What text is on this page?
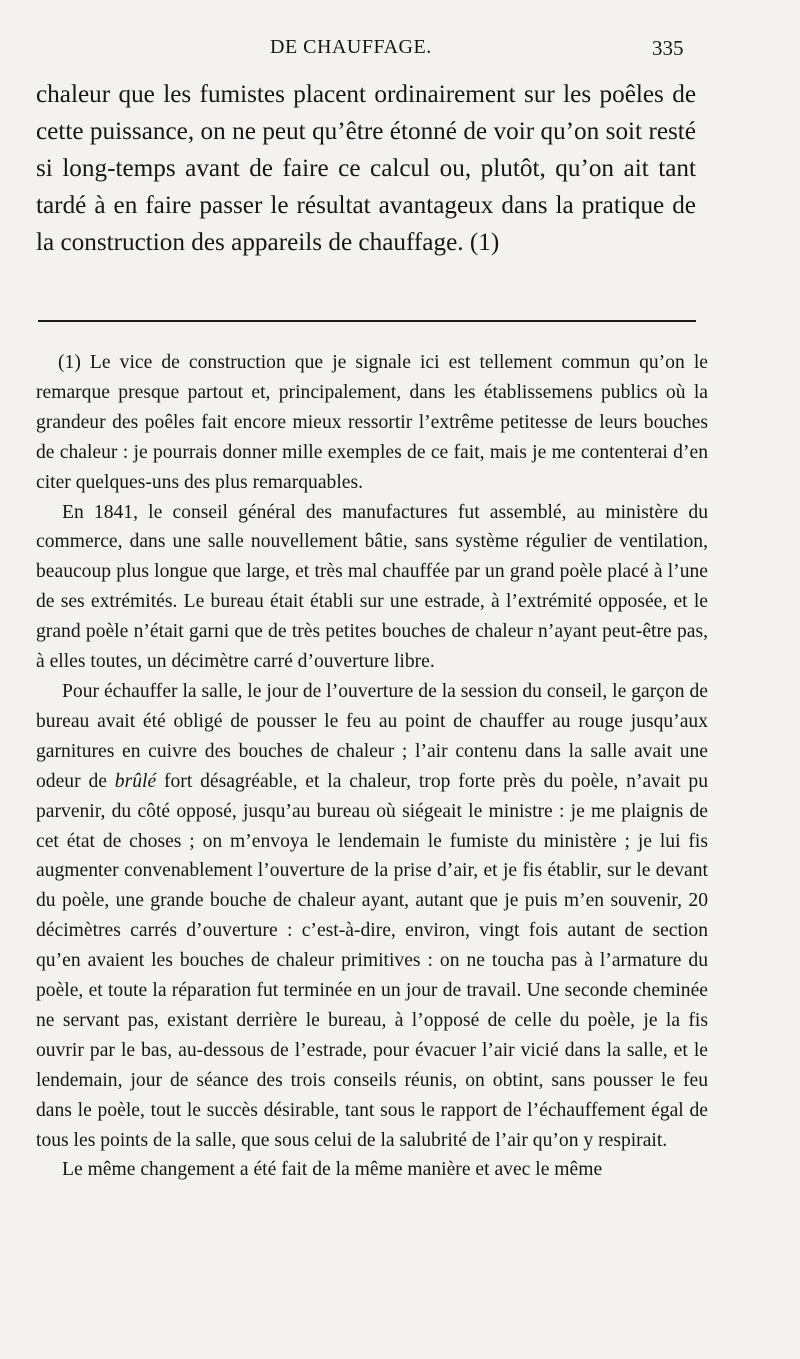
DE CHAUFFAGE.	335

chaleur que les fumistes placent ordinairement sur les poêles de cette puissance, on ne peut qu’être étonné de voir qu’on soit resté si long-temps avant de faire ce calcul ou, plutôt, qu’on ait tant tardé à en faire passer le résultat avantageux dans la pratique de la construction des appareils de chauffage. (1)

(1) Le vice de construction que je signale ici est tellement commun qu’on le remarque presque partout et, principalement, dans les établissemens publics où la grandeur des poêles fait encore mieux ressortir l’extrême petitesse de leurs bouches de chaleur : je pourrais donner mille exemples de ce fait, mais je me contenterai d’en citer quelques-uns des plus remarquables.

En 1841, le conseil général des manufactures fut assemblé, au ministère du commerce, dans une salle nouvellement bâtie, sans système régulier de ventilation, beaucoup plus longue que large, et très mal chauffée par un grand poèle placé à l’une de ses extrémités. Le bureau était établi sur une estrade, à l’extrémité opposée, et le grand poèle n’était garni que de très petites bouches de chaleur n’ayant peut-être pas, à elles toutes, un décimètre carré d’ouverture libre.

Pour échauffer la salle, le jour de l’ouverture de la session du conseil, le garçon de bureau avait été obligé de pousser le feu au point de chauffer au rouge jusqu’aux garnitures en cuivre des bouches de chaleur ; l’air contenu dans la salle avait une odeur de brûlé fort désagréable, et la chaleur, trop forte près du poèle, n’avait pu parvenir, du côté opposé, jusqu’au bureau où siégeait le ministre : je me plaignis de cet état de choses ; on m’envoya le lendemain le fumiste du ministère ; je lui fis augmenter convenablement l’ouverture de la prise d’air, et je fis établir, sur le devant du poèle, une grande bouche de chaleur ayant, autant que je puis m’en souvenir, 20 décimètres carrés d’ouverture : c’est-à-dire, environ, vingt fois autant de section qu’en avaient les bouches de chaleur primitives : on ne toucha pas à l’armature du poèle, et toute la réparation fut terminée en un jour de travail. Une seconde cheminée ne servant pas, existant derrière le bureau, à l’opposé de celle du poèle, je la fis ouvrir par le bas, au-dessous de l’estrade, pour évacuer l’air vicié dans la salle, et le lendemain, jour de séance des trois conseils réunis, on obtint, sans pousser le feu dans le poèle, tout le succès désirable, tant sous le rapport de l’échauffement égal de tous les points de la salle, que sous celui de la salubrité de l’air qu’on y respirait.

Le même changement a été fait de la même manière et avec le même
